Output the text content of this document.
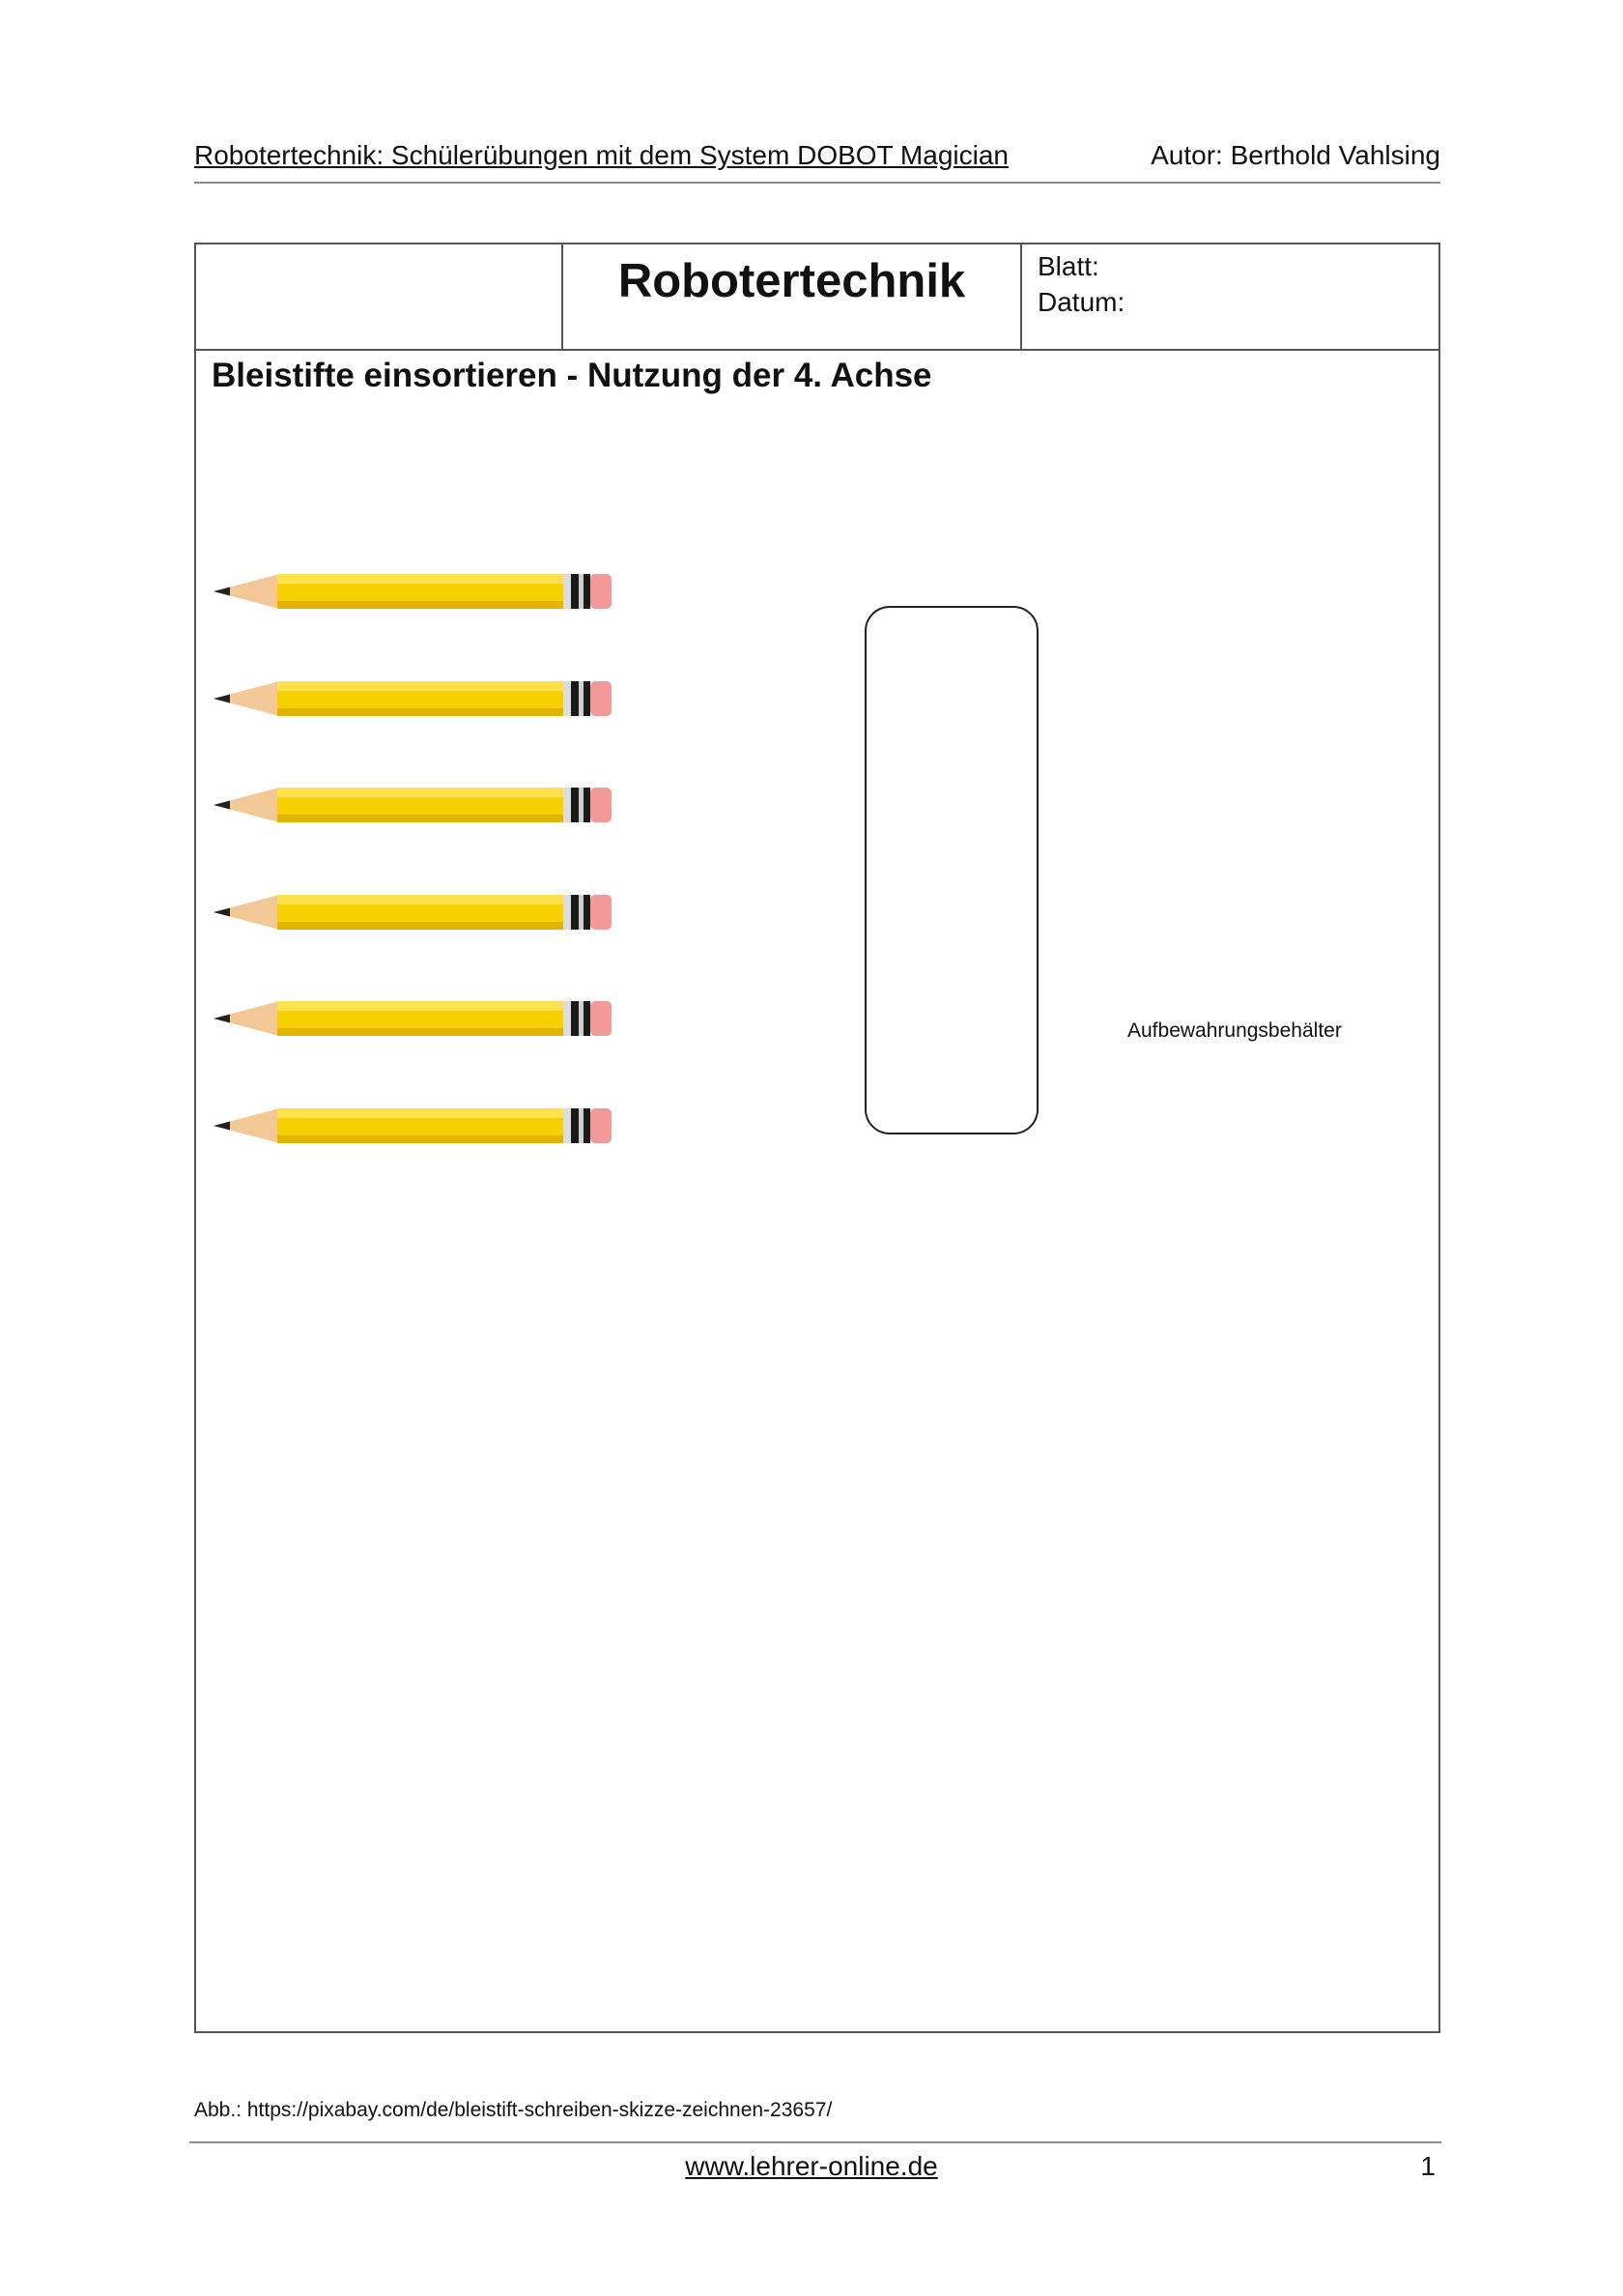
Robotertechnik: Schülerübungen mit dem System DOBOT Magician	Autor: Berthold Vahlsing
Robotertechnik	Blatt:
Datum:
Bleistifte einsortieren - Nutzung der 4. Achse
Aufbewahrungsbehälter
Abb.: https://pixabay.com/de/bleistift-schreiben-skizze-zeichnen-23657/
www.lehrer-online.de	1
